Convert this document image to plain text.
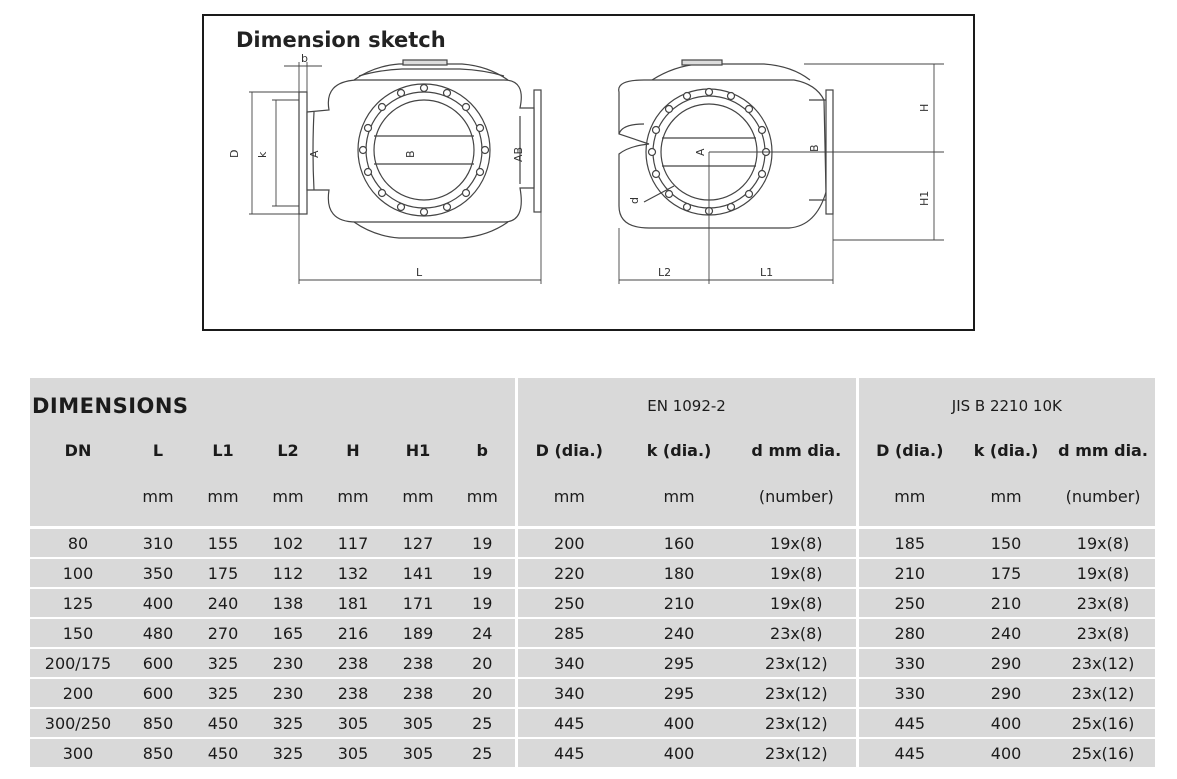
Dimension sketch
D k
b
A	B	AB
L
A
B
d
H
H1
L2	L1
DIMENSIONS							EN 1092-2			JIS B 2210 10K		
DN	L	L1	L2	H	H1	b	D (dia.)	k (dia.)	d mm dia.	D (dia.)	k (dia.)	d mm dia.
	mm	mm	mm	mm	mm	mm	mm	mm	(number)	mm	mm	(number)

80	310	155	102	117	127	19	200	160	19x(8)	185	150	19x(8)
100	350	175	112	132	141	19	220	180	19x(8)	210	175	19x(8)
125	400	240	138	181	171	19	250	210	19x(8)	250	210	23x(8)
150	480	270	165	216	189	24	285	240	23x(8)	280	240	23x(8)
200/175	600	325	230	238	238	20	340	295	23x(12)	330	290	23x(12)
200	600	325	230	238	238	20	340	295	23x(12)	330	290	23x(12)
300/250	850	450	325	305	305	25	445	400	23x(12)	445	400	25x(16)
300	850	450	325	305	305	25	445	400	23x(12)	445	400	25x(16)
